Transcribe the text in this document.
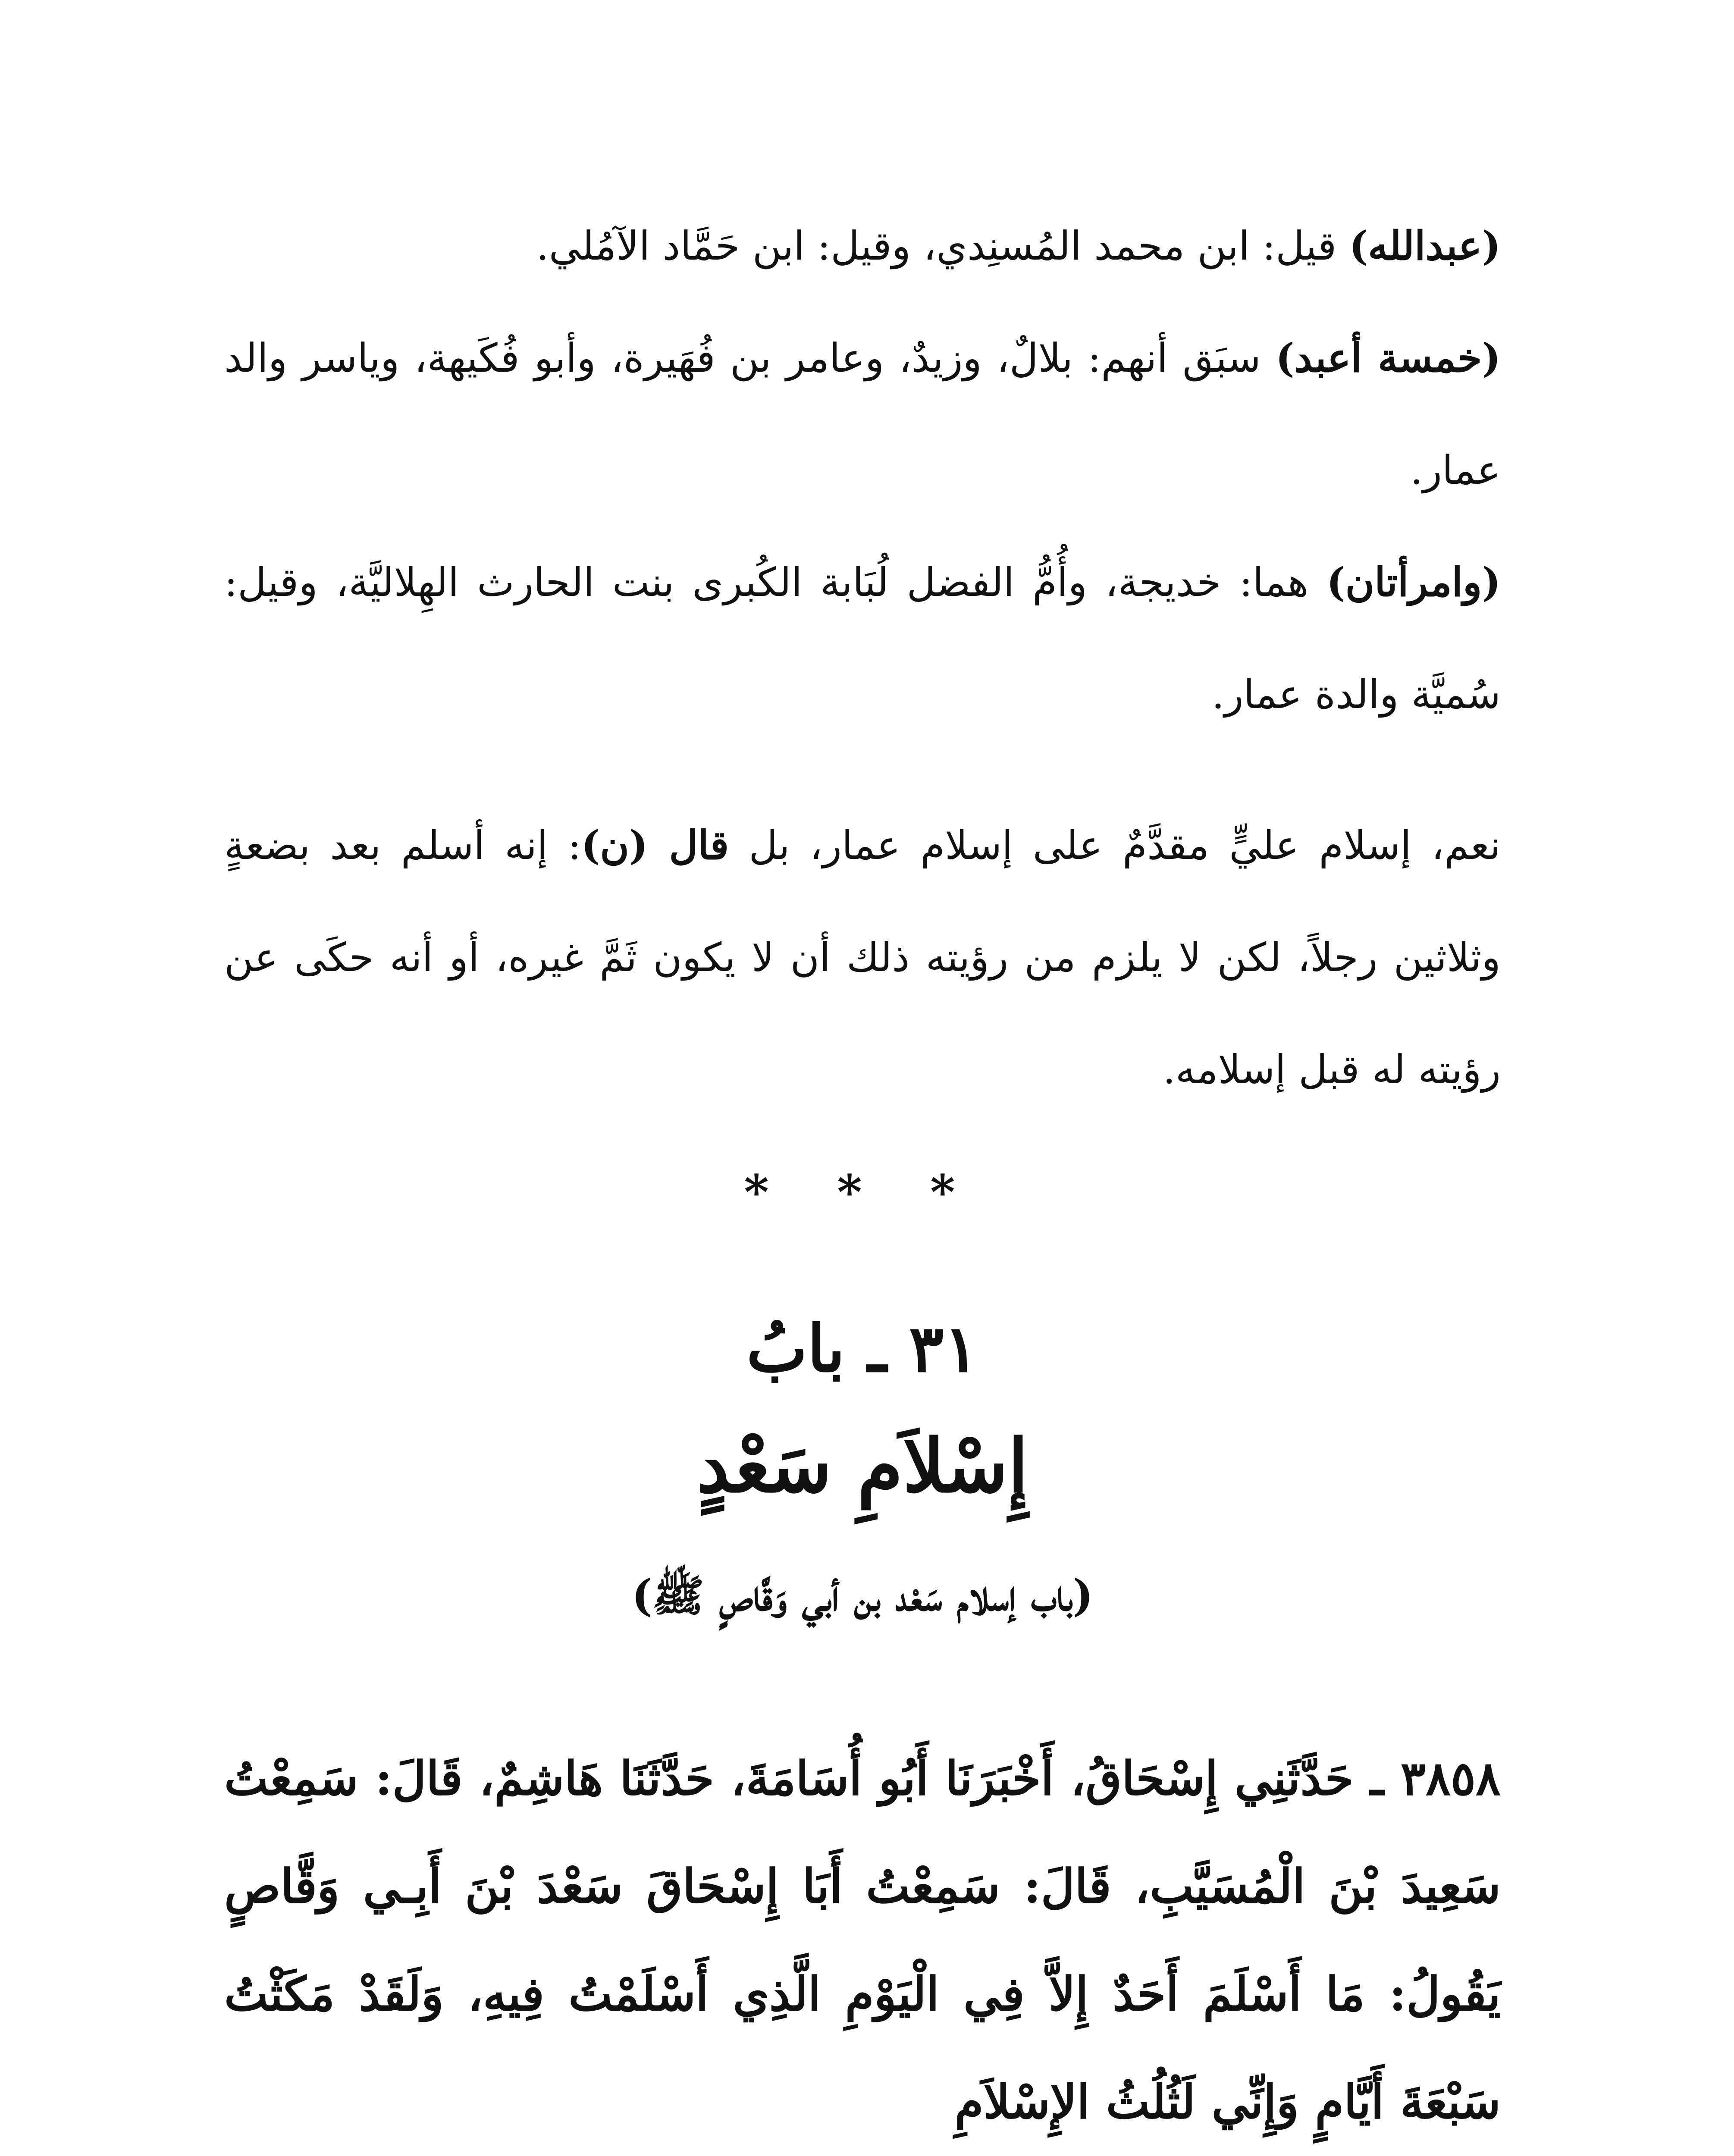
(عبدالله) قيل: ابن محمد المُسنِدي، وقيل: ابن حَمَّاد الآمُلي.

(خمسة أعبد) سبَق أنهم: بلالٌ، وزيدٌ، وعامر بن فُهَيرة، وأبو فُكَيهة، وياسر والد عمار.

(وامرأتان) هما: خديجة، وأُمُّ الفضل لُبَابة الكُبرى بنت الحارث الهِلاليَّة، وقيل: سُميَّة والدة عمار.

نعم، إسلام عليٍّ مقدَّمٌ على إسلام عمار، بل قال (ن): إنه أسلم بعد بضعةٍ وثلاثين رجلاً، لكن لا يلزم من رؤيته ذلك أن لا يكون ثَمَّ غيره، أو أنه حكَى عن رؤيته له قبل إسلامه.

* * *
٣١ ـ بابُ
إِسْلاَمِ سَعْدٍ
(باب إسلام سَعْد بن أبي وَقَّاصٍ ﷺ)

٣٨٥٨ ـ حَدَّثَنِي إِسْحَاقُ، أَخْبَرَنَا أَبُو أُسَامَةَ، حَدَّثَنَا هَاشِمٌ، قَالَ: سَمِعْتُ سَعِيدَ بْنَ الْمُسَيَّبِ، قَالَ: سَمِعْتُ أَبَا إِسْحَاقَ سَعْدَ بْنَ أَبِـي وَقَّاصٍ يَقُولُ: مَا أَسْلَمَ أَحَدٌ إِلاَّ فِي الْيَوْمِ الَّذِي أَسْلَمْتُ فِيهِ، وَلَقَدْ مَكَثْتُ سَبْعَةَ أَيَّامٍ وَإِنِّي لَثُلُثُ الإِسْلاَمِ
